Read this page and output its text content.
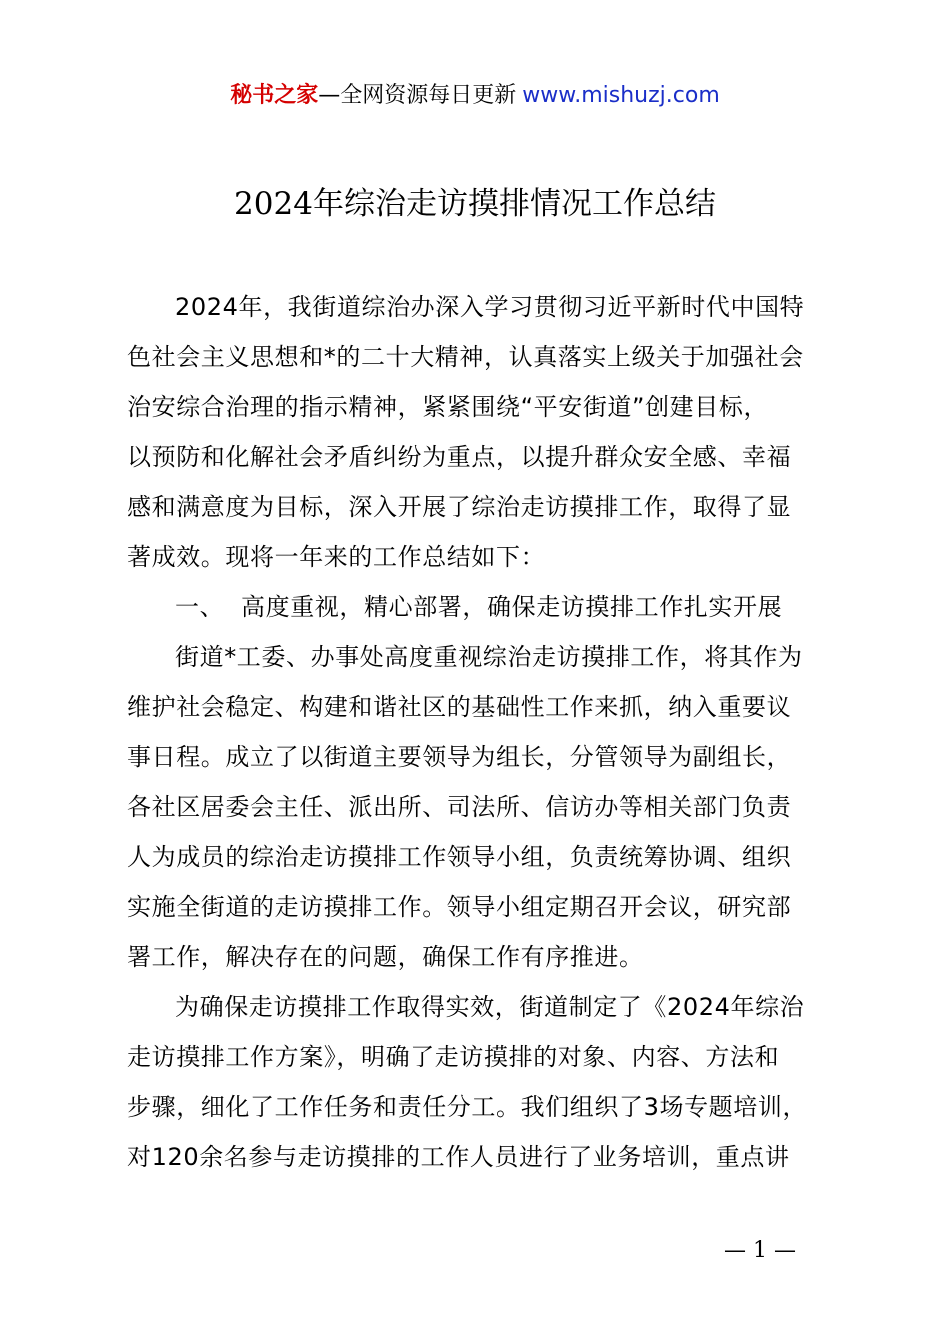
秘书之家—全网资源每日更新 www.mishuzj.com
2024年综治走访摸排情况工作总结
2024年，我街道综治办深入学习贯彻习近平新时代中国特
色社会主义思想和*的二十大精神，认真落实上级关于加强社会
治安综合治理的指示精神，紧紧围绕“平安街道”创建目标，
以预防和化解社会矛盾纠纷为重点，以提升群众安全感、幸福
感和满意度为目标，深入开展了综治走访摸排工作，取得了显
著成效。现将一年来的工作总结如下：
一、 高度重视，精心部署，确保走访摸排工作扎实开展
街道*工委、办事处高度重视综治走访摸排工作，将其作为
维护社会稳定、构建和谐社区的基础性工作来抓，纳入重要议
事日程。成立了以街道主要领导为组长，分管领导为副组长，
各社区居委会主任、派出所、司法所、信访办等相关部门负责
人为成员的综治走访摸排工作领导小组，负责统筹协调、组织
实施全街道的走访摸排工作。领导小组定期召开会议，研究部
署工作，解决存在的问题，确保工作有序推进。
为确保走访摸排工作取得实效，街道制定了《2024年综治
走访摸排工作方案》，明确了走访摸排的对象、内容、方法和
步骤，细化了工作任务和责任分工。我们组织了3场专题培训，
对120余名参与走访摸排的工作人员进行了业务培训，重点讲
— 1 —
